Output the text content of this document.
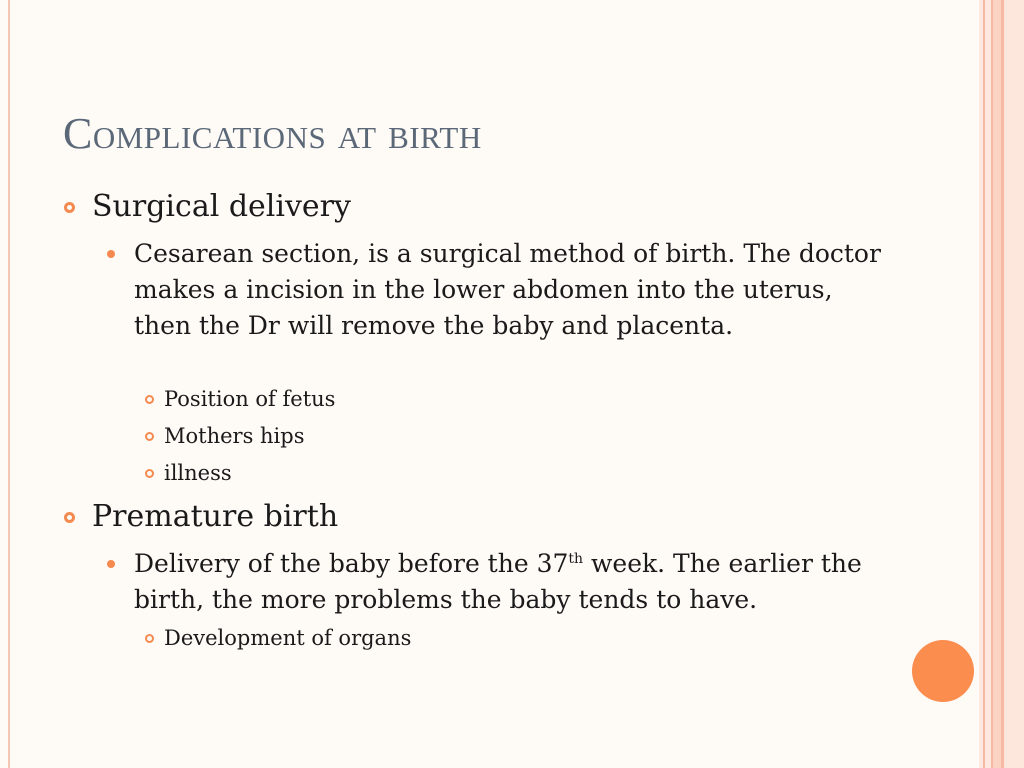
Complications at birth
Surgical delivery
Cesarean section, is a surgical method of birth. The doctor makes a incision in the lower abdomen into the uterus, then the Dr will remove the baby and placenta.
Position of fetus
Mothers hips
illness
Premature birth
Delivery of the baby before the 37th week. The earlier the birth, the more problems the baby tends to have.
Development of organs
